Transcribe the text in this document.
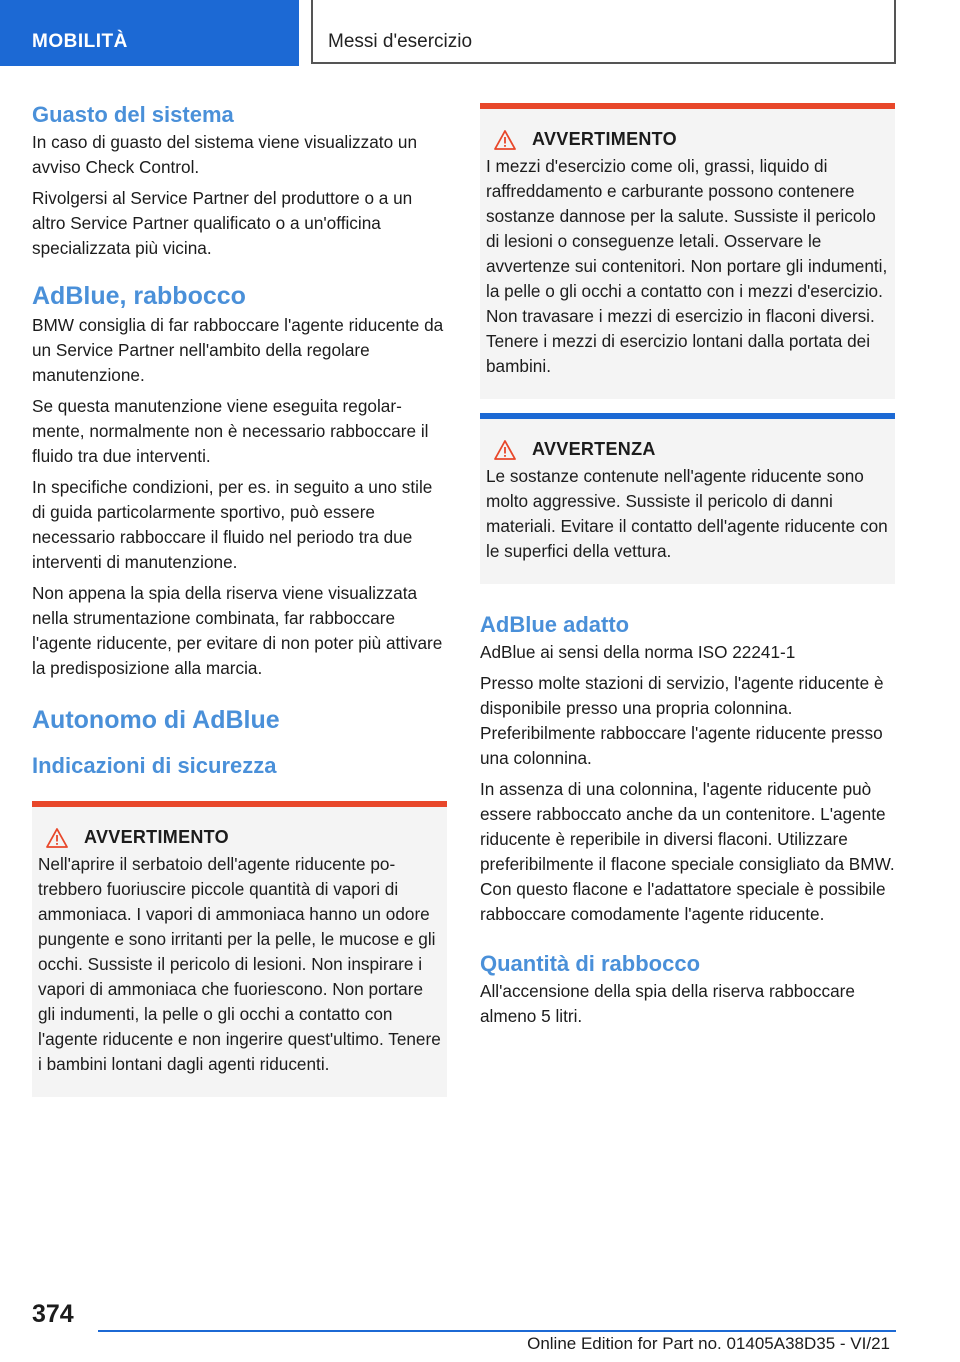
MOBILITÀ	Messi d'esercizio
Guasto del sistema

In caso di guasto del sistema viene visualizzato un avviso Check Control.

Rivolgersi al Service Partner del produttore o a un altro Service Partner qualificato o a un'officina specializzata più vicina.

AdBlue, rabbocco

BMW consiglia di far rabboccare l'agente riducente da un Service Partner nell'ambito della regolare manutenzione.

Se questa manutenzione viene eseguita regolarmente, normalmente non è necessario rabboccare il fluido tra due interventi.

In specifiche condizioni, per es. in seguito a uno stile di guida particolarmente sportivo, può essere necessario rabboccare il fluido nel periodo tra due interventi di manutenzione.

Non appena la spia della riserva viene visualizzata nella strumentazione combinata, far rabboccare l'agente riducente, per evitare di non poter più attivare la predisposizione alla marcia.

Autonomo di AdBlue
Indicazioni di sicurezza
AVVERTIMENTO

Nell'aprire il serbatoio dell'agente riducente potrebbero fuoriuscire piccole quantità di vapori di ammoniaca. I vapori di ammoniaca hanno un odore pungente e sono irritanti per la pelle, le mucose e gli occhi. Sussiste il pericolo di lesioni. Non inspirare i vapori di ammoniaca che fuoriescono. Non portare gli indumenti, la pelle o gli occhi a contatto con l'agente riducente e non ingerire quest'ultimo. Tenere i bambini lontani dagli agenti riducenti.

AVVERTIMENTO

I mezzi d'esercizio come oli, grassi, liquido di raffreddamento e carburante possono contenere sostanze dannose per la salute. Sussiste il pericolo di lesioni o conseguenze letali. Osservare le avvertenze sui contenitori. Non portare gli indumenti, la pelle o gli occhi a contatto con i mezzi d'esercizio. Non travasare i mezzi di esercizio in flaconi diversi. Tenere i mezzi di esercizio lontani dalla portata dei bambini.

AVVERTENZA

Le sostanze contenute nell'agente riducente sono molto aggressive. Sussiste il pericolo di danni materiali. Evitare il contatto dell'agente riducente con le superfici della vettura.

AdBlue adatto

AdBlue ai sensi della norma ISO 22241-1

Presso molte stazioni di servizio, l'agente riducente è disponibile presso una propria colonnina. Preferibilmente rabboccare l'agente riducente presso una colonnina.

In assenza di una colonnina, l'agente riducente può essere rabboccato anche da un contenitore. L'agente riducente è reperibile in diversi flaconi. Utilizzare preferibilmente il flacone speciale consigliato da BMW. Con questo flacone e l'adattatore speciale è possibile rabboccare comodamente l'agente riducente.

Quantità di rabbocco

All'accensione della spia della riserva rabboccare almeno 5 litri.

374
Online Edition for Part no. 01405A38D35 - VI/21
